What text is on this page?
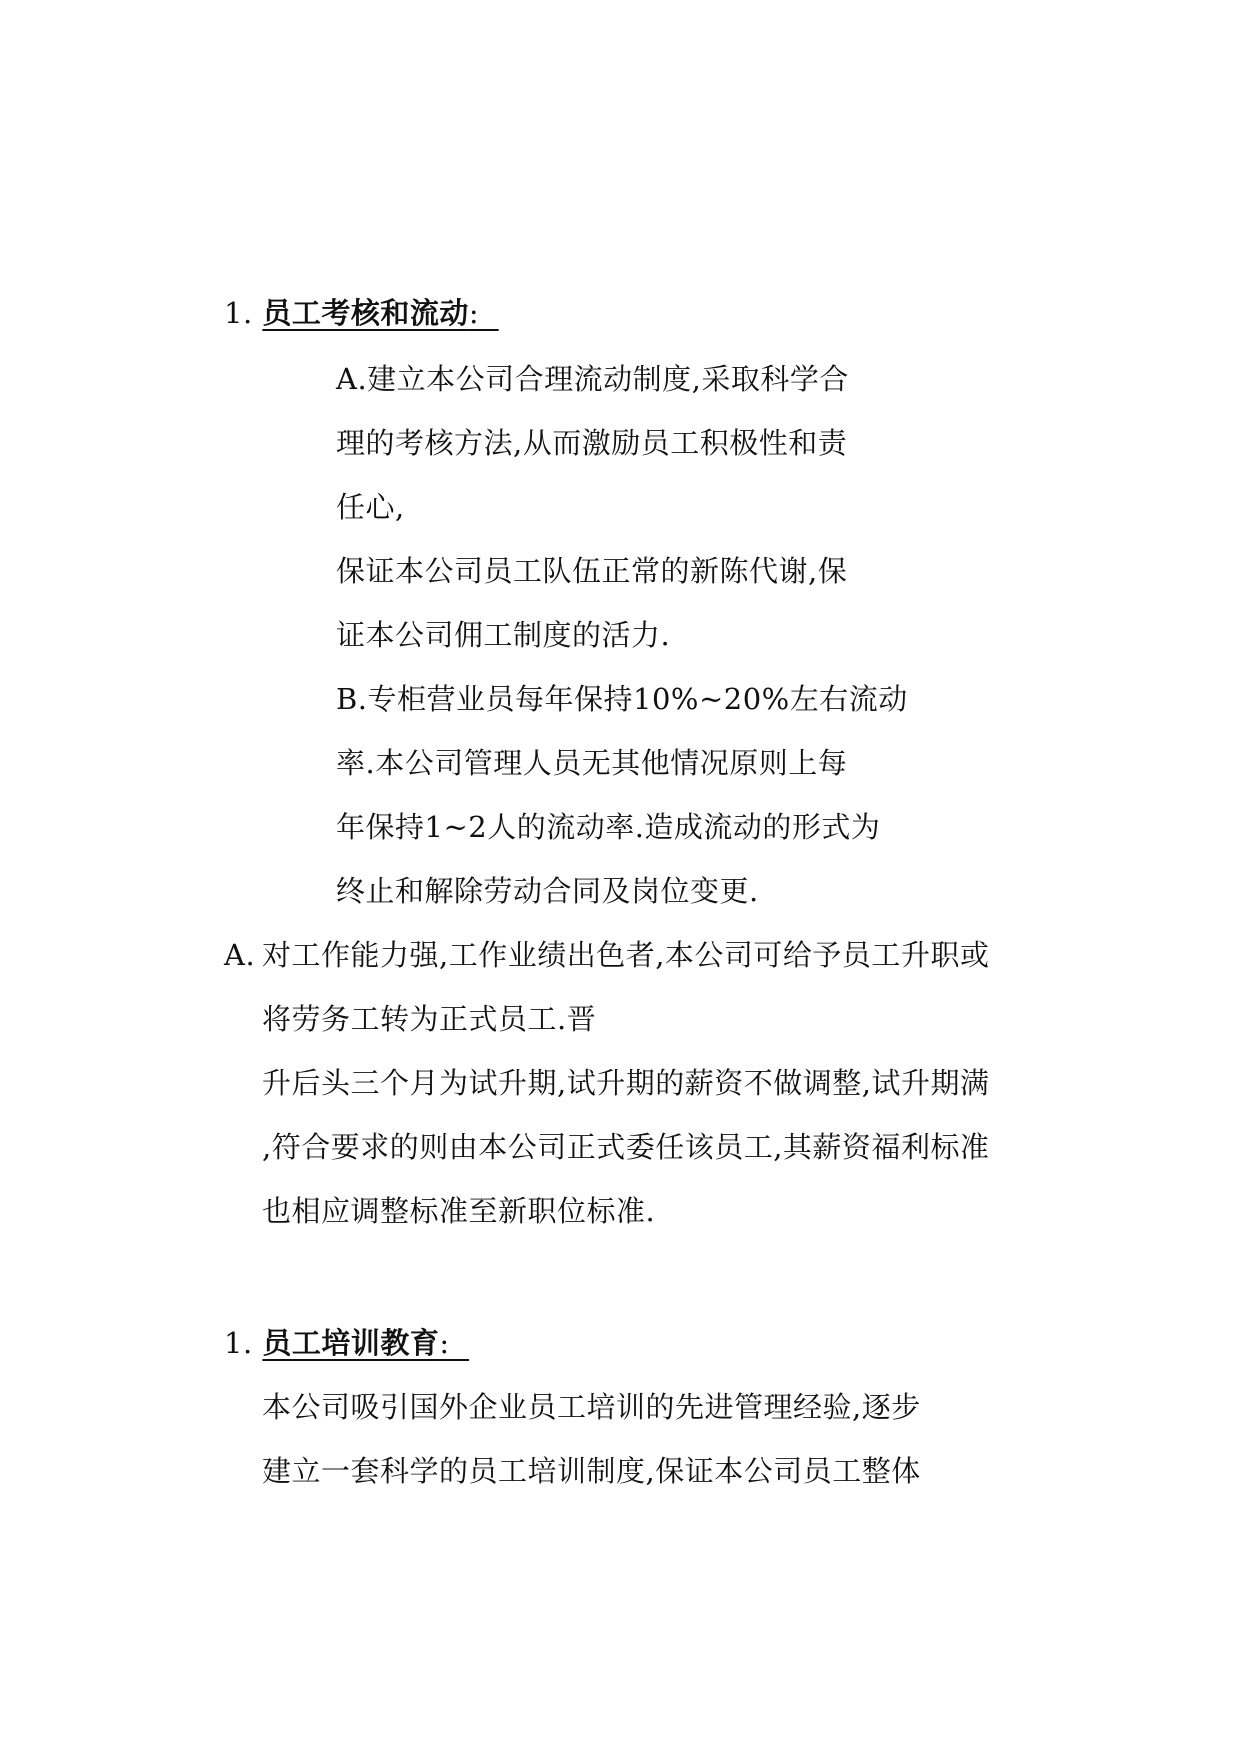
1. 员工考核和流动:
A.建立本公司合理流动制度,采取科学合
理的考核方法,从而激励员工积极性和责
任心,
保证本公司员工队伍正常的新陈代谢,保
证本公司佣工制度的活力.
B.专柜营业员每年保持10%~20%左右流动
率.本公司管理人员无其他情况原则上每
年保持1~2人的流动率.造成流动的形式为
终止和解除劳动合同及岗位变更.
A. 对工作能力强,工作业绩出色者,本公司可给予员工升职或
将劳务工转为正式员工.晋
升后头三个月为试升期,试升期的薪资不做调整,试升期满
,符合要求的则由本公司正式委任该员工,其薪资福利标准
也相应调整标准至新职位标准.
1. 员工培训教育:
本公司吸引国外企业员工培训的先进管理经验,逐步
建立一套科学的员工培训制度,保证本公司员工整体
